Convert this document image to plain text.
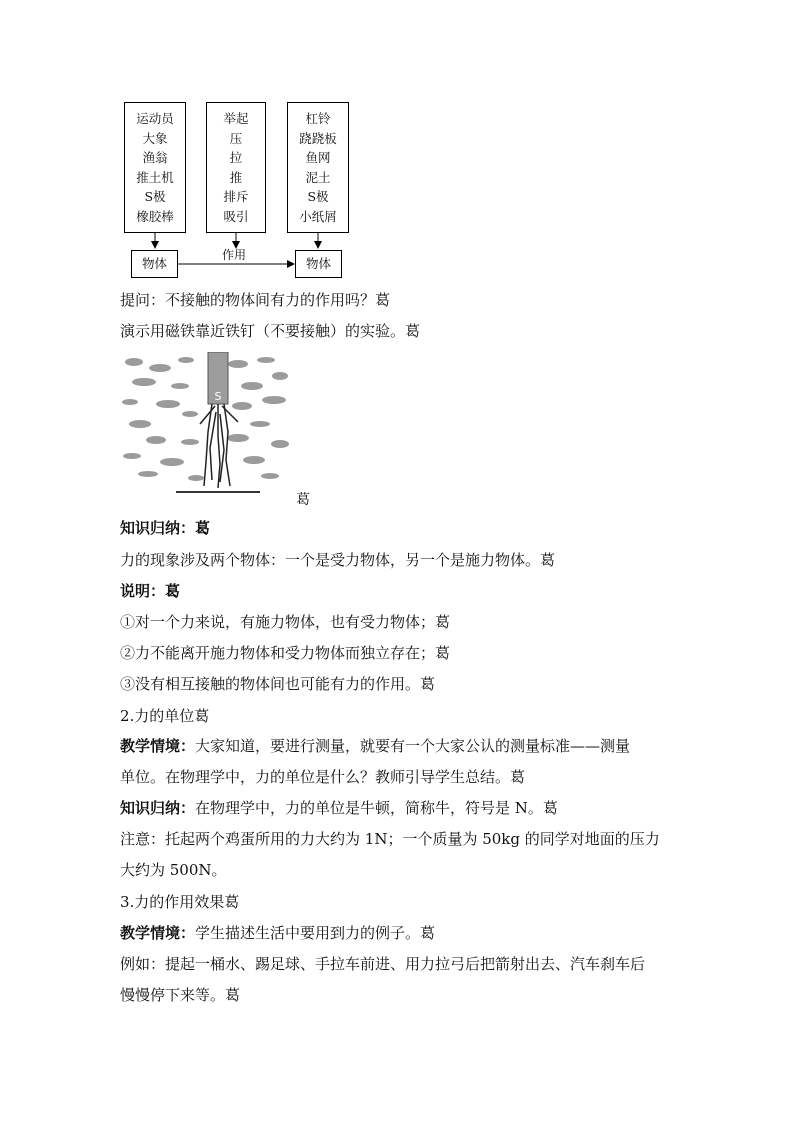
运动员
大象
渔翁
推土机
S极
橡胶棒
举起
压
拉
推
排斥
吸引
杠铃
跷跷板
鱼网
泥土
S极
小纸屑
物体
作用
物体
提问：不接触的物体间有力的作用吗？葛
演示用磁铁靠近铁钉（不要接触）的实验。葛
S
葛
知识归纳：葛
力的现象涉及两个物体：一个是受力物体，另一个是施力物体。葛
说明：葛
①对一个力来说，有施力物体，也有受力物体；葛
②力不能离开施力物体和受力物体而独立存在；葛
③没有相互接触的物体间也可能有力的作用。葛
2.力的单位葛
教学情境：大家知道，要进行测量，就要有一个大家公认的测量标准——测量
单位。在物理学中，力的单位是什么？教师引导学生总结。葛
知识归纳：在物理学中，力的单位是牛顿，简称牛，符号是 N。葛
注意：托起两个鸡蛋所用的力大约为 1N；一个质量为 50kg 的同学对地面的压力
大约为 500N。
3.力的作用效果葛
教学情境：学生描述生活中要用到力的例子。葛
例如：提起一桶水、踢足球、手拉车前进、用力拉弓后把箭射出去、汽车刹车后
慢慢停下来等。葛
